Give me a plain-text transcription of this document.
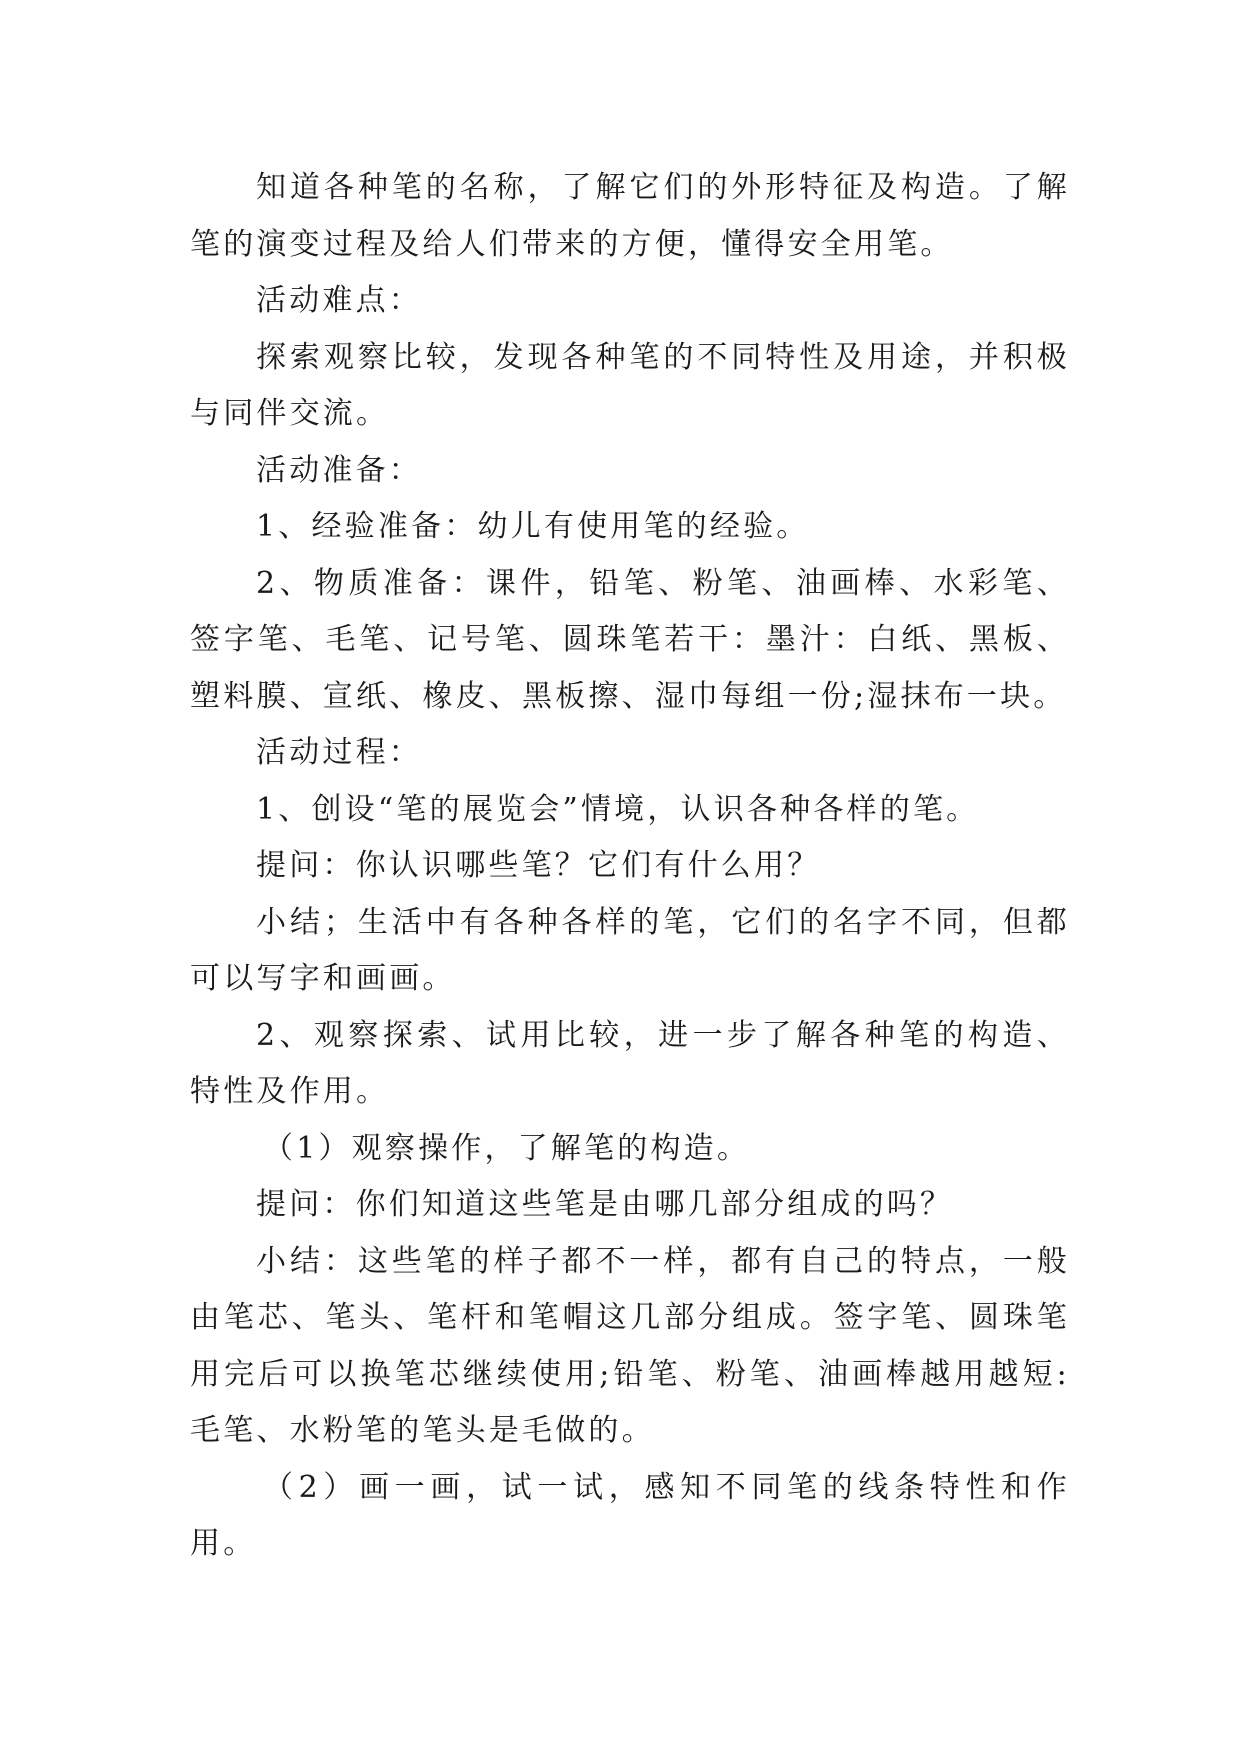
知道各种笔的名称，了解它们的外形特征及构造。了解笔的演变过程及给人们带来的方便，懂得安全用笔。

活动难点：

探索观察比较，发现各种笔的不同特性及用途，并积极与同伴交流。

活动准备：

1、经验准备：幼儿有使用笔的经验。

2、物质准备：课件，铅笔、粉笔、油画棒、水彩笔、签字笔、毛笔、记号笔、圆珠笔若干：墨汁：白纸、黑板、塑料膜、宣纸、橡皮、黑板擦、湿巾每组一份;湿抹布一块。

活动过程：

1、创设“笔的展览会”情境，认识各种各样的笔。

提问：你认识哪些笔？它们有什么用？

小结；生活中有各种各样的笔，它们的名字不同，但都可以写字和画画。

2、观察探索、试用比较，进一步了解各种笔的构造、特性及作用。

（1）观察操作，了解笔的构造。

提问：你们知道这些笔是由哪几部分组成的吗？

小结：这些笔的样子都不一样，都有自己的特点，一般由笔芯、笔头、笔杆和笔帽这几部分组成。签字笔、圆珠笔用完后可以换笔芯继续使用;铅笔、粉笔、油画棒越用越短:毛笔、水粉笔的笔头是毛做的。

（2）画一画，试一试，感知不同笔的线条特性和作用。
